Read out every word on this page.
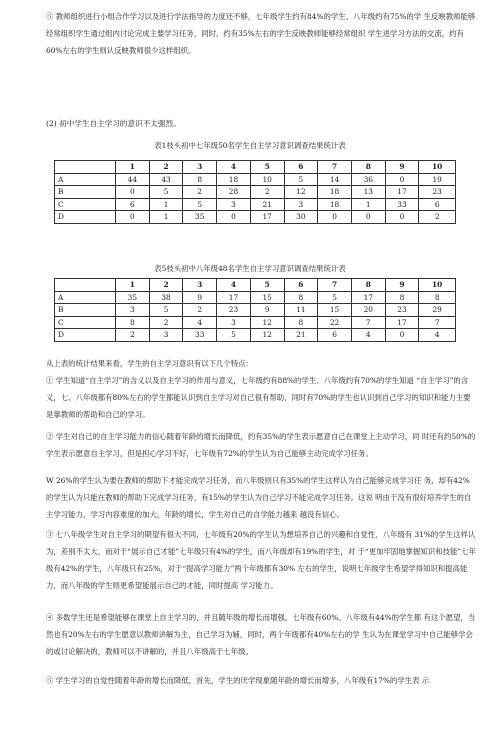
⑤ 教师组织进行小组合作学习以及进行学法指导的力度还不够，七年级学生约有84%的学生、八年级约有75%的学 生反映教师能够经常组织学生通过组内讨论完成主要学习任务，同时，约有35%左右的学生反映教师能够经常组织 学生进学习方法的交流，约有60%左右的学生则认反映教师很少这样组织。

(2) 初中学生自主学习的意识不太强烈。

表1枝头初中七年级50名学生自主学习意识调查结果统计表

	1	2	3	4	5	6	7	8	9	10
A	44	43	8	18	10	5	14	36	0	19
B	0	5	2	28	2	12	18	13	17	23
C	6	1	5	3	21	3	18	1	33	6
D	0	1	35	0	17	30	0	0	0	2

表5枝头初中八年级48名学生自主学习意识调查结果统计表

	1	2	3	4	5	6	7	8	9	10
A	35	38	9	17	15	8	5	17	8	8
B	3	5	2	23	9	11	15	20	23	29
C	8	2	4	3	12	8	22	7	17	7
D	2	3	33	5	12	21	6	4	0	4

从上表的统计结果来看，学生的自主学习意识有以下几个特点：

① 学生知道“自主学习”的含义以及自主学习的作用与意义，七年级约有88%的学生、八年级约有70%的学生知道 “自主学习”的含义，七、八年级都有80%左右的学生都能认识到自主学习对自己很有帮助，同时有70%的学生也认识到自己学习的知识和能力主要是靠教师的帮助和自己的学习。

② 学生对自己的自主学习能力的信心随着年龄的增长而降低，约有35%的学生表示愿意自己在课堂上主动学习，同 时还有约50%的学生表示愿意自主学习，但是担心学习不好，七年级有72%的学生认为自己能够主动完成学习任务。

W 26%的学生认为要在教师的帮助下才能完成学习任务，而八年级则只有35%的学生这样认为自己能够完成学习任 务，却有42%的学生认为只能在教师的帮助下完成学习任务，有15%的学生认为自己学习不能完成学习任务。这说 明由于没有很好培养学生的自主学习能力，学习内容难度的加大，年龄的增长，学生对自己的自学能力越来 越没有信心。

③ 七八年级学生对自主学习的期望有很大不同，七年级有20%的学生认为想培养自己的兴趣和自觉性，八年级有 31%的学生这样认为，差别不太大，而对于“展示自己才能”七年级只有4%的学生，而八年级却有19%的学生，对 于“更加牢固地掌握知识和技能”七年级有42%的学生，八年级只有25%，对于“提高学习能力”两个年级都有30% 左右的学生，说明七年级学生希望学得知识和提高能力，而八年级的学生则更希望能展示自己的才能，同时提高 学习能力。

④ 多数学生还是希望能够在课堂上自主学习的，并且随年级的增长而增强，七年级有60%、八年级有44%的学生都 有这个愿望，当然也有20%左右的学生愿意以教师讲解为主，自己学习为辅，同时，两个年级都有40%左右的学 生认为在课堂学习中自己能够学会的或讨论解决的，教师可以不讲解的，并且八年级高于七年级。

⑤ 学生学习的自觉性随着年龄的增长而降低，首先，学生的厌学现象随年龄的增长而增多，八年级有17%的学生表 示
